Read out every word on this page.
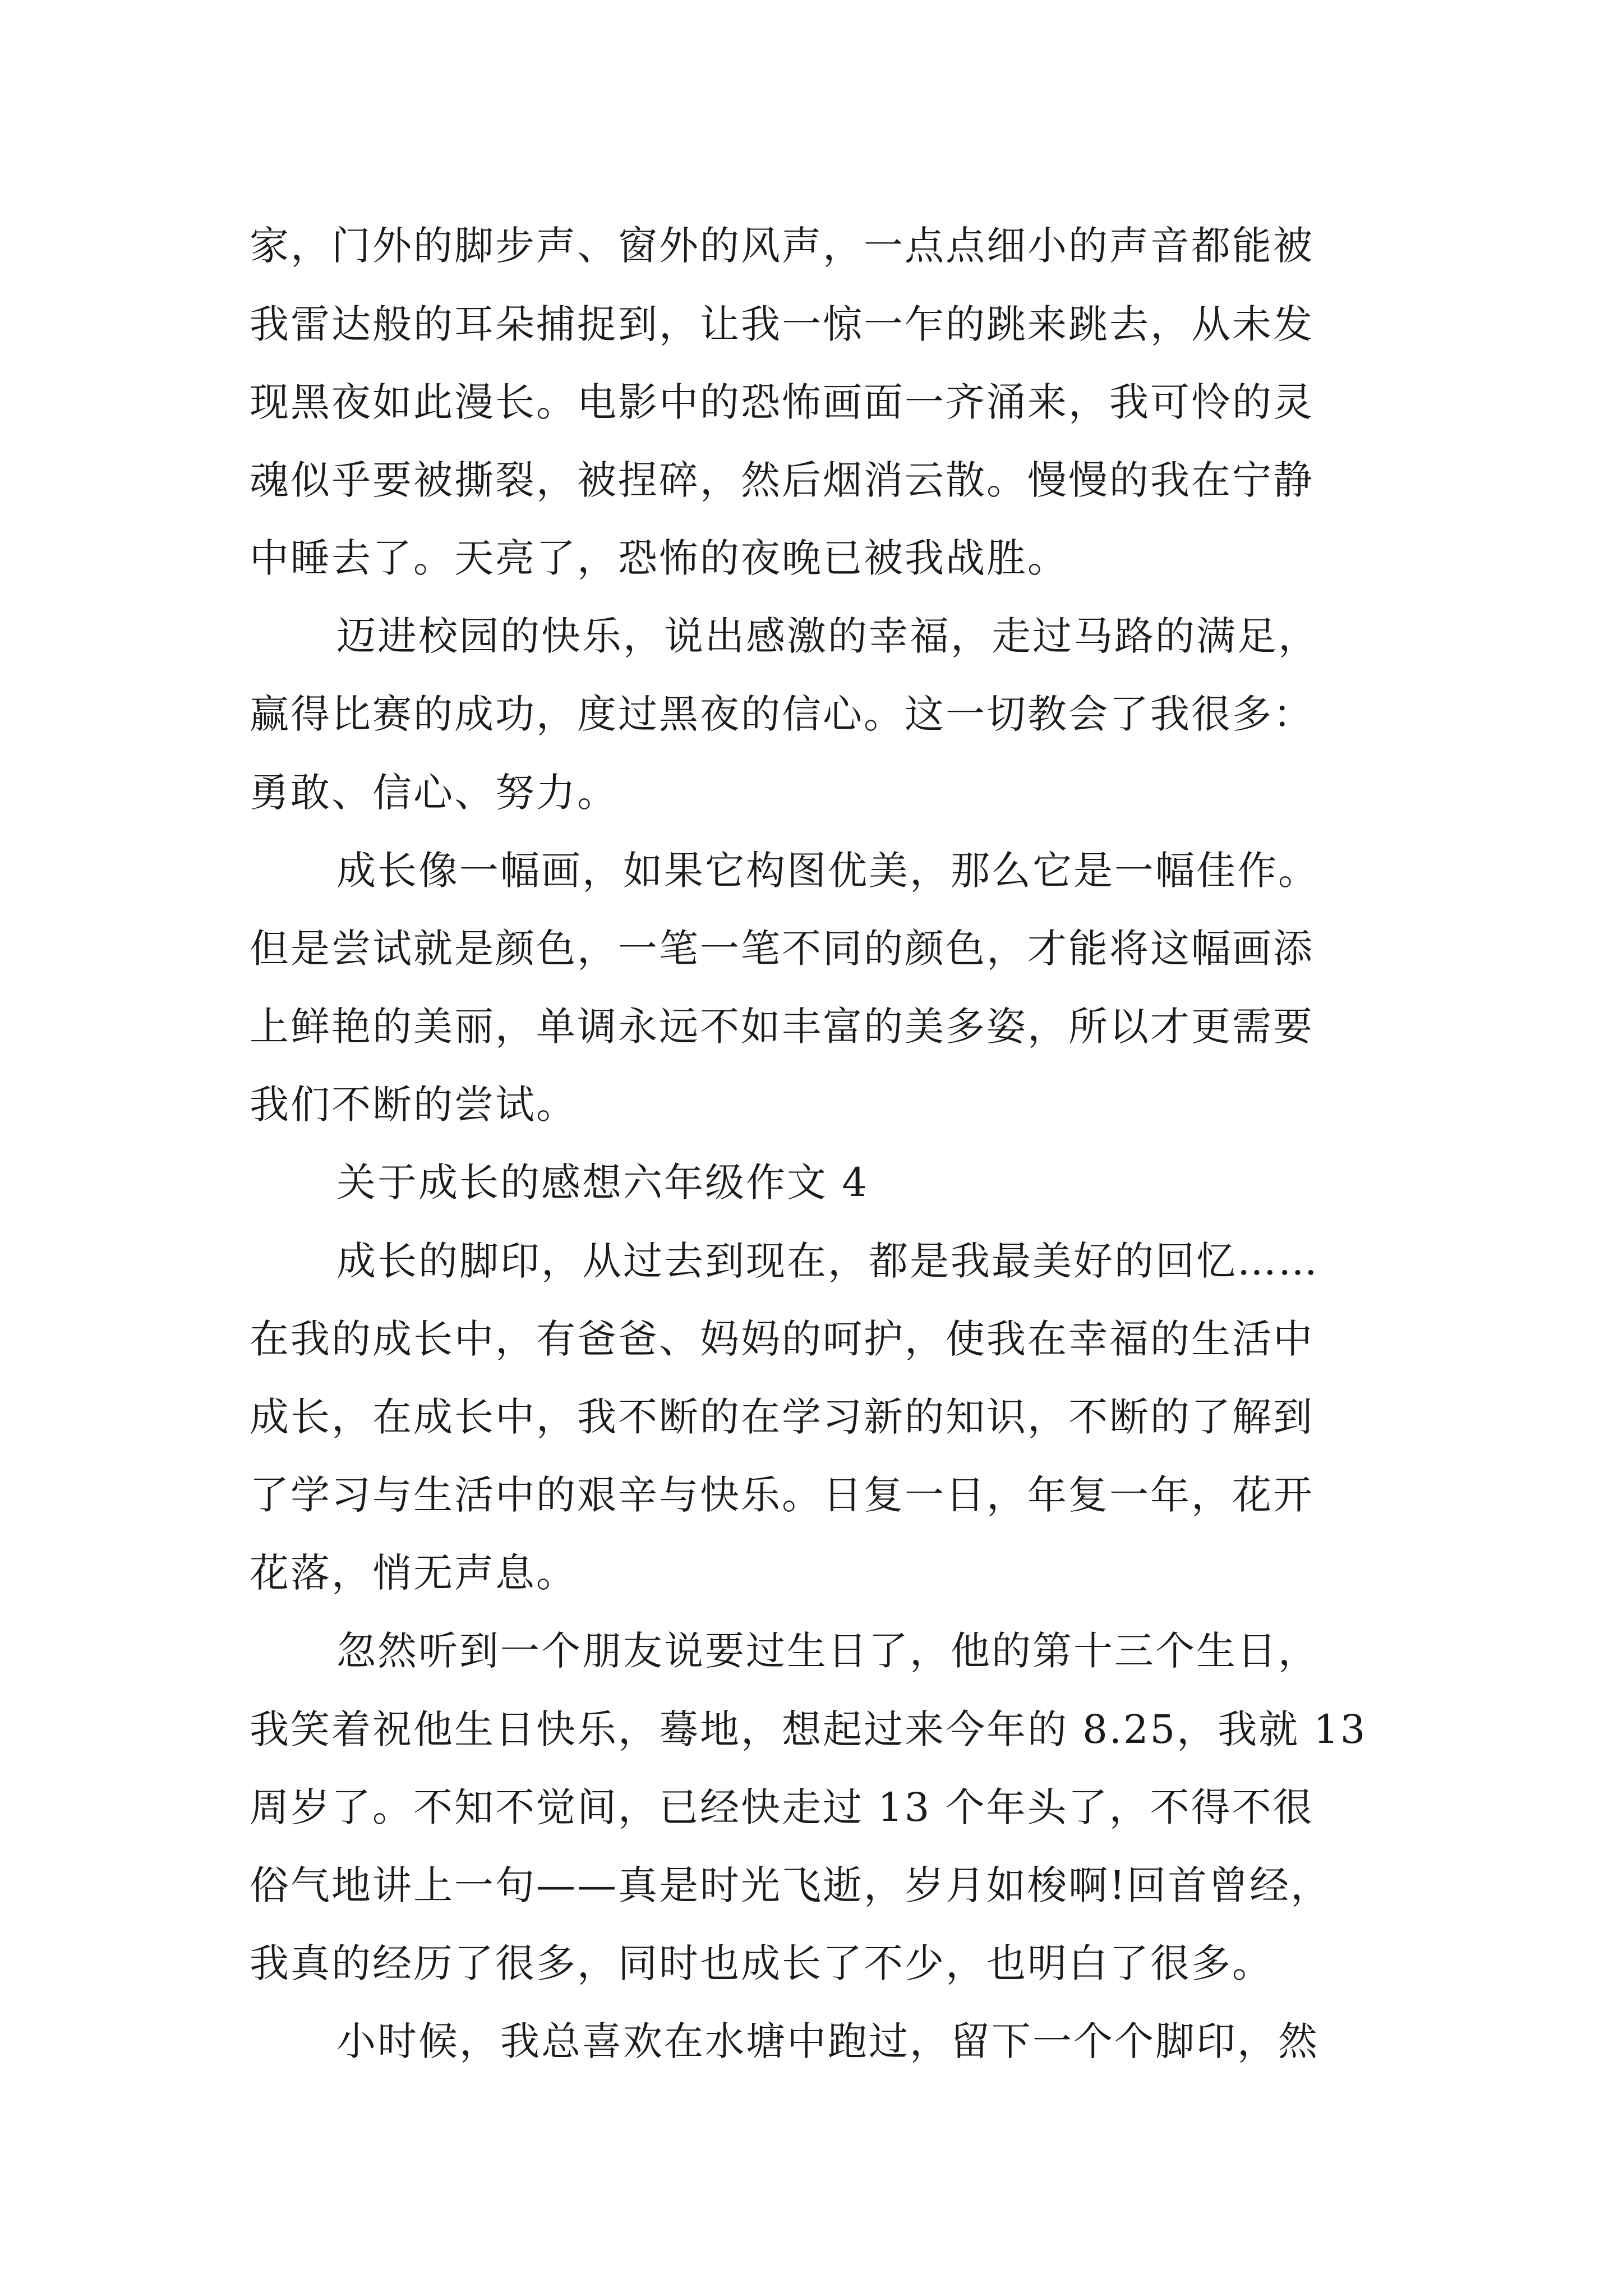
家，门外的脚步声、窗外的风声，一点点细小的声音都能被
我雷达般的耳朵捕捉到，让我一惊一乍的跳来跳去，从未发
现黑夜如此漫长。电影中的恐怖画面一齐涌来，我可怜的灵
魂似乎要被撕裂，被捏碎，然后烟消云散。慢慢的我在宁静
中睡去了。天亮了，恐怖的夜晚已被我战胜。
迈进校园的快乐，说出感激的幸福，走过马路的满足，
赢得比赛的成功，度过黑夜的信心。这一切教会了我很多：
勇敢、信心、努力。
成长像一幅画，如果它构图优美，那么它是一幅佳作。
但是尝试就是颜色，一笔一笔不同的颜色，才能将这幅画添
上鲜艳的美丽，单调永远不如丰富的美多姿，所以才更需要
我们不断的尝试。
关于成长的感想六年级作文 4
成长的脚印，从过去到现在，都是我最美好的回忆……
在我的成长中，有爸爸、妈妈的呵护，使我在幸福的生活中
成长，在成长中，我不断的在学习新的知识，不断的了解到
了学习与生活中的艰辛与快乐。日复一日，年复一年，花开
花落，悄无声息。
忽然听到一个朋友说要过生日了，他的第十三个生日，
我笑着祝他生日快乐，蓦地，想起过来今年的 8.25，我就 13
周岁了。不知不觉间，已经快走过 13 个年头了，不得不很
俗气地讲上一句——真是时光飞逝，岁月如梭啊!回首曾经，
我真的经历了很多，同时也成长了不少，也明白了很多。
小时候，我总喜欢在水塘中跑过，留下一个个脚印，然
